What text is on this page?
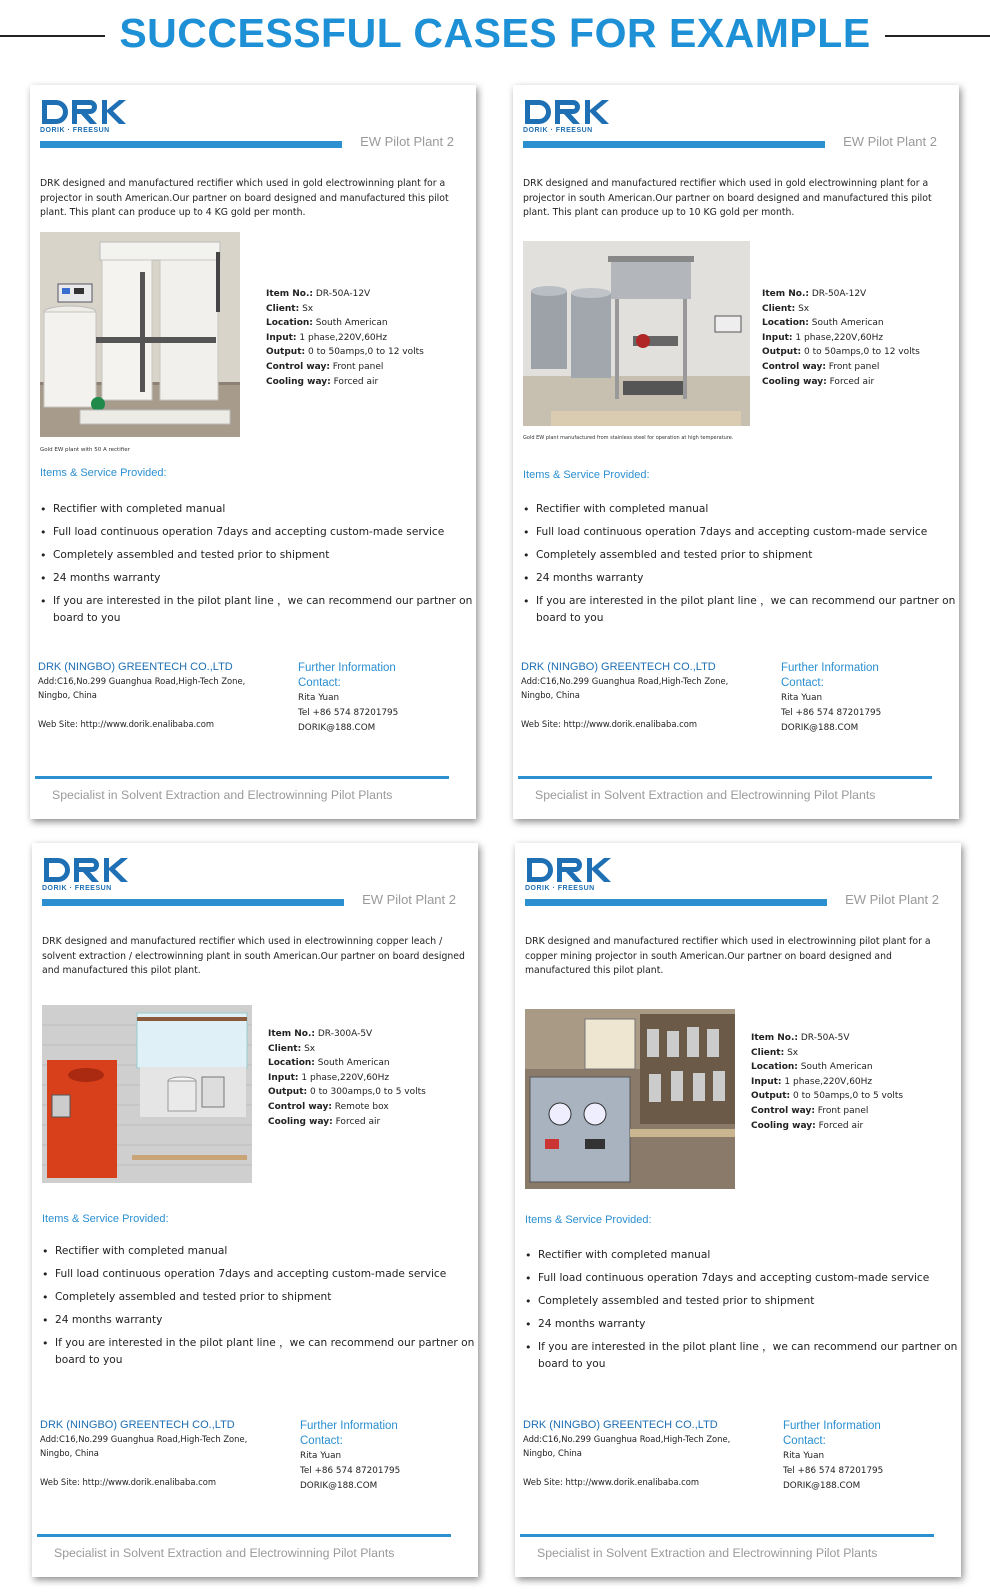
SUCCESSFUL CASES FOR EXAMPLE
DORIK · FREESUN
EW Pilot Plant 2
DRK designed and manufactured rectifier which used in gold electrowinning plant for a projector in south American.Our partner on board designed and manufactured this pilot plant. This plant can produce up to 4 KG gold per month.
Gold EW plant with 50 A rectifier
Item No.: DR-50A-12V
Client: Sx
Location: South American
Input: 1 phase,220V,60Hz
Output: 0 to 50amps,0 to 12 volts
Control way: Front panel
Cooling way: Forced air
Items & Service Provided:
• Rectifier with completed manual
• Full load continuous operation 7days and accepting custom-made service
• Completely assembled and tested prior to shipment
• 24 months warranty
• If you are interested in the pilot plant line ，we can recommend our partner on board to you
DRK (NINGBO) GREENTECH CO.,LTD
Add:C16,No.299 Guanghua Road,High-Tech Zone,
Ningbo, China
Web Site: http://www.dorik.enalibaba.com
Further Information
Contact:
Rita Yuan
Tel +86 574 87201795
DORIK@188.COM
Specialist in Solvent Extraction and Electrowinning Pilot Plants
DORIK · FREESUN
EW Pilot Plant 2
DRK designed and manufactured rectifier which used in gold electrowinning plant for a projector in south American.Our partner on board designed and manufactured this pilot plant. This plant can produce up to 10 KG gold per month.
Gold EW plant manufactured from stainless steel for operation at high temperature.
Item No.: DR-50A-12V
Client: Sx
Location: South American
Input: 1 phase,220V,60Hz
Output: 0 to 50amps,0 to 12 volts
Control way: Front panel
Cooling way: Forced air
Items & Service Provided:
• Rectifier with completed manual
• Full load continuous operation 7days and accepting custom-made service
• Completely assembled and tested prior to shipment
• 24 months warranty
• If you are interested in the pilot plant line ，we can recommend our partner on board to you
DRK (NINGBO) GREENTECH CO.,LTD
Add:C16,No.299 Guanghua Road,High-Tech Zone,
Ningbo, China
Web Site: http://www.dorik.enalibaba.com
Further Information
Contact:
Rita Yuan
Tel +86 574 87201795
DORIK@188.COM
Specialist in Solvent Extraction and Electrowinning Pilot Plants
DORIK · FREESUN
EW Pilot Plant 2
DRK designed and manufactured rectifier which used in electrowinning copper leach / solvent extraction / electrowinning plant in south American.Our partner on board designed and manufactured this pilot plant.
Item No.: DR-300A-5V
Client: Sx
Location: South American
Input: 1 phase,220V,60Hz
Output: 0 to 300amps,0 to 5 volts
Control way: Remote box
Cooling way: Forced air
Items & Service Provided:
• Rectifier with completed manual
• Full load continuous operation 7days and accepting custom-made service
• Completely assembled and tested prior to shipment
• 24 months warranty
• If you are interested in the pilot plant line ，we can recommend our partner on board to you
DRK (NINGBO) GREENTECH CO.,LTD
Add:C16,No.299 Guanghua Road,High-Tech Zone,
Ningbo, China
Web Site: http://www.dorik.enalibaba.com
Further Information
Contact:
Rita Yuan
Tel +86 574 87201795
DORIK@188.COM
Specialist in Solvent Extraction and Electrowinning Pilot Plants
DORIK · FREESUN
EW Pilot Plant 2
DRK designed and manufactured rectifier which used in electrowinning pilot plant for a copper mining projector in south American.Our partner on board designed and manufactured this pilot plant.
Item No.: DR-50A-5V
Client: Sx
Location: South American
Input: 1 phase,220V,60Hz
Output: 0 to 50amps,0 to 5 volts
Control way: Front panel
Cooling way: Forced air
Items & Service Provided:
• Rectifier with completed manual
• Full load continuous operation 7days and accepting custom-made service
• Completely assembled and tested prior to shipment
• 24 months warranty
• If you are interested in the pilot plant line ，we can recommend our partner on board to you
DRK (NINGBO) GREENTECH CO.,LTD
Add:C16,No.299 Guanghua Road,High-Tech Zone,
Ningbo, China
Web Site: http://www.dorik.enalibaba.com
Further Information
Contact:
Rita Yuan
Tel +86 574 87201795
DORIK@188.COM
Specialist in Solvent Extraction and Electrowinning Pilot Plants
